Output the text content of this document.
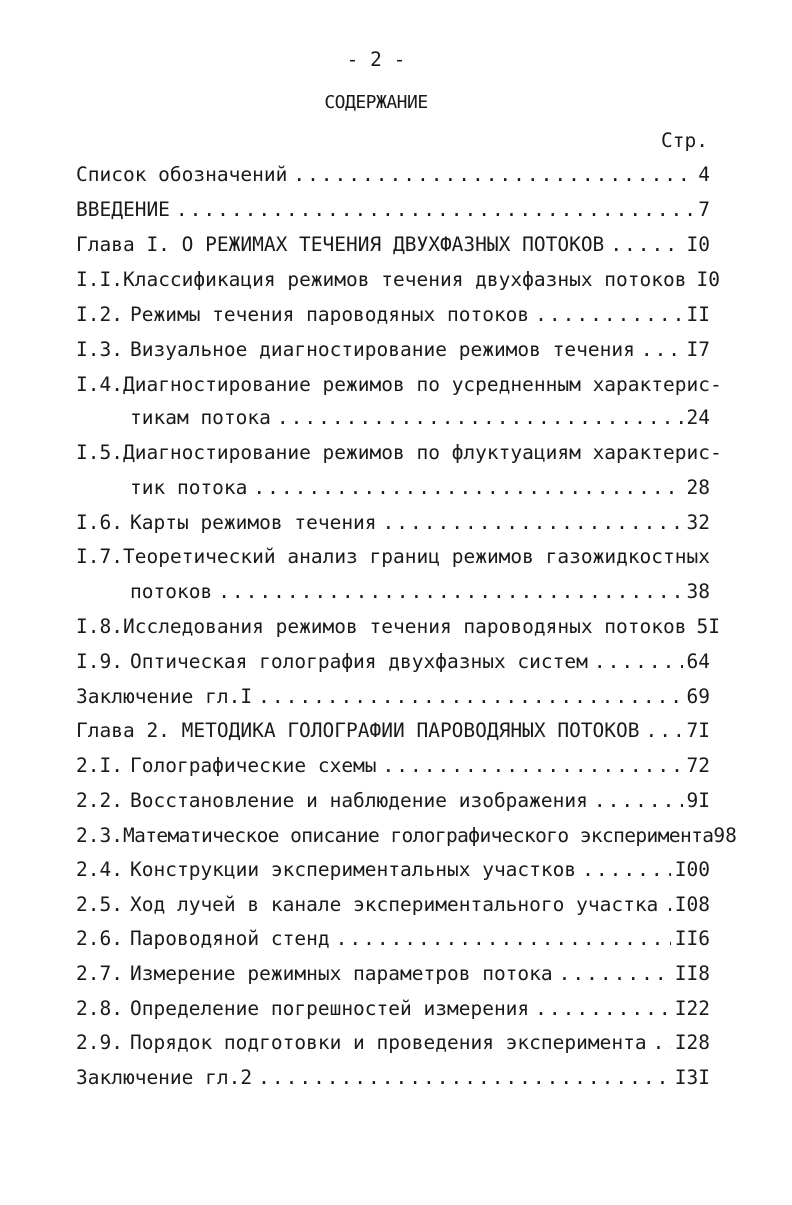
- 2 -
СОДЕРЖАНИЕ
Стр.
Список обозначений .....	4
ВВЕДЕНИЕ .....	7
Глава I. О РЕЖИМАХ ТЕЧЕНИЯ ДВУХФАЗНЫХ ПОТОКОВ .....	I0
I.I. Классификация режимов течения двухфазных потоков ..... I0
I.2. Режимы течения пароводяных потоков .....	II
I.3. Визуальное диагностирование режимов течения .....	I7
I.4. Диагностирование режимов по усредненным характерис-
тикам потока .....	24
I.5. Диагностирование режимов по флуктуациям характерис-
тик потока .....	28
I.6. Карты режимов течения .....	32
I.7. Теоретический анализ границ режимов газожидкостных
потоков .....	38
I.8. Исследования режимов течения пароводяных потоков ..... 5I
I.9. Оптическая голография двухфазных систем .....	64
Заключение гл.I .....	69
Глава 2. МЕТОДИКА ГОЛОГРАФИИ ПАРОВОДЯНЫХ ПОТОКОВ ..... 7I
2.I. Голографические схемы .....	72
2.2. Восстановление и наблюдение изображения .....	9I
2.3. Математическое описание голографического эксперимента 98
2.4. Конструкции экспериментальных участков .....	I00
2.5. Ход лучей в канале экспериментального участка ..... I08
2.6. Пароводяной стенд .....	II6
2.7. Измерение режимных параметров потока .....	II8
2.8. Определение погрешностей измерения .....	I22
2.9. Порядок подготовки и проведения эксперимента ..... I28
Заключение гл.2 .....	I3I
